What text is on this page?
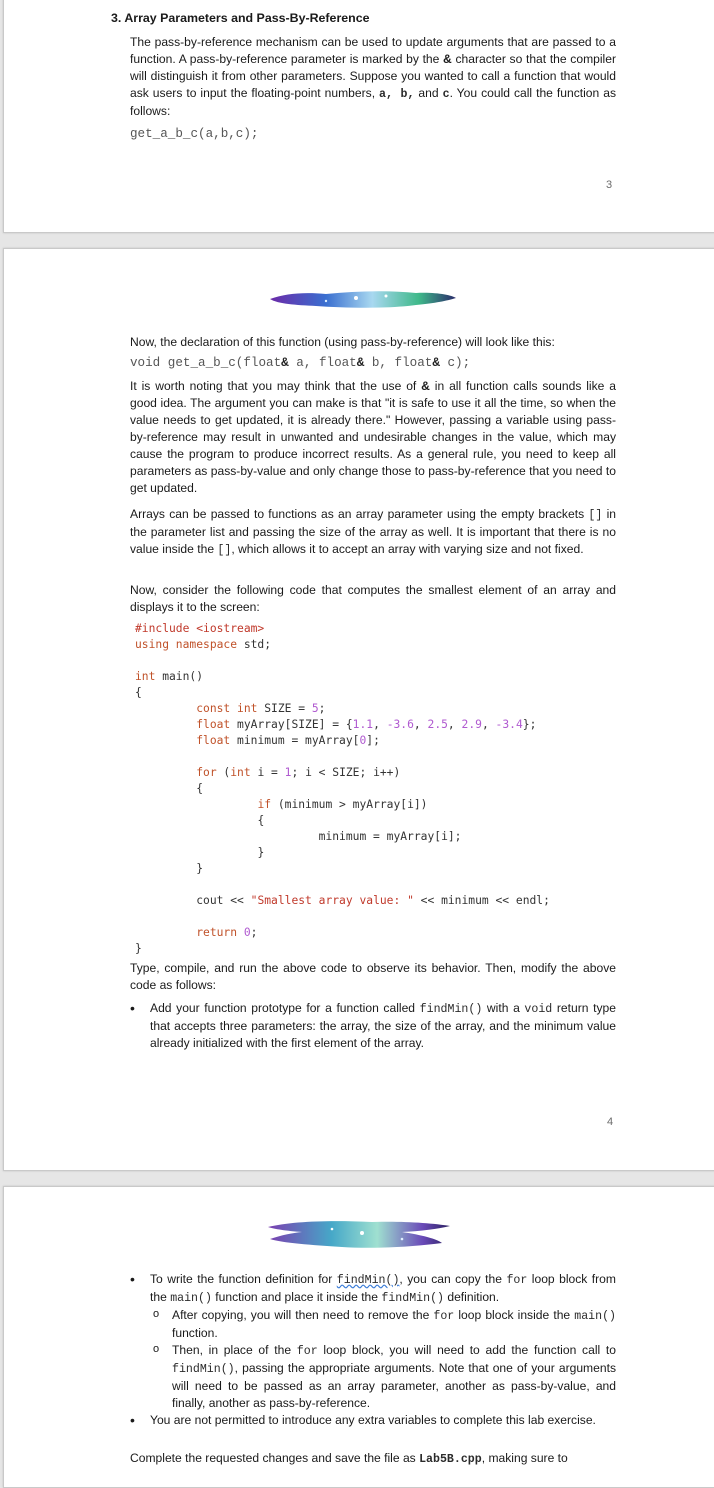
3. Array Parameters and Pass-By-Reference

The pass-by-reference mechanism can be used to update arguments that are passed to a function. A pass-by-reference parameter is marked by the & character so that the compiler will distinguish it from other parameters. Suppose you wanted to call a function that would ask users to input the floating-point numbers, a, b, and c. You could call the function as follows:

get_a_b_c(a,b,c);
3
Now, the declaration of this function (using pass-by-reference) will look like this:
void get_a_b_c(float& a, float& b, float& c);

It is worth noting that you may think that the use of & in all function calls sounds like a good idea. The argument you can make is that "it is safe to use it all the time, so when the value needs to get updated, it is already there." However, passing a variable using pass-by-reference may result in unwanted and undesirable changes in the value, which may cause the program to produce incorrect results. As a general rule, you need to keep all parameters as pass-by-value and only change those to pass-by-reference that you need to get updated.

Arrays can be passed to functions as an array parameter using the empty brackets [] in the parameter list and passing the size of the array as well. It is important that there is no value inside the [], which allows it to accept an array with varying size and not fixed.

Now, consider the following code that computes the smallest element of an array and displays it to the screen:
#include <iostream>
using namespace std;

int main()
{
const int SIZE = 5;
float myArray[SIZE] = {1.1, -3.6, 2.5, 2.9, -3.4};
float minimum = myArray[0];

for (int i = 1; i < SIZE; i++)
{
if (minimum > myArray[i])
{
minimum = myArray[i];
}
}

cout << "Smallest array value: " << minimum << endl;

return 0;
}
Type, compile, and run the above code to observe its behavior. Then, modify the above code as follows:
• Add your function prototype for a function called findMin() with a void return type that accepts three parameters: the array, the size of the array, and the minimum value already initialized with the first element of the array.
4
• To write the function definition for findMin(), you can copy the for loop block from the main() function and place it inside the findMin() definition.
o After copying, you will then need to remove the for loop block inside the main() function.
o Then, in place of the for loop block, you will need to add the function call to findMin(), passing the appropriate arguments. Note that one of your arguments will need to be passed as an array parameter, another as pass-by-value, and finally, another as pass-by-reference.
• You are not permitted to introduce any extra variables to complete this lab exercise.
Complete the requested changes and save the file as Lab5B.cpp, making sure to
